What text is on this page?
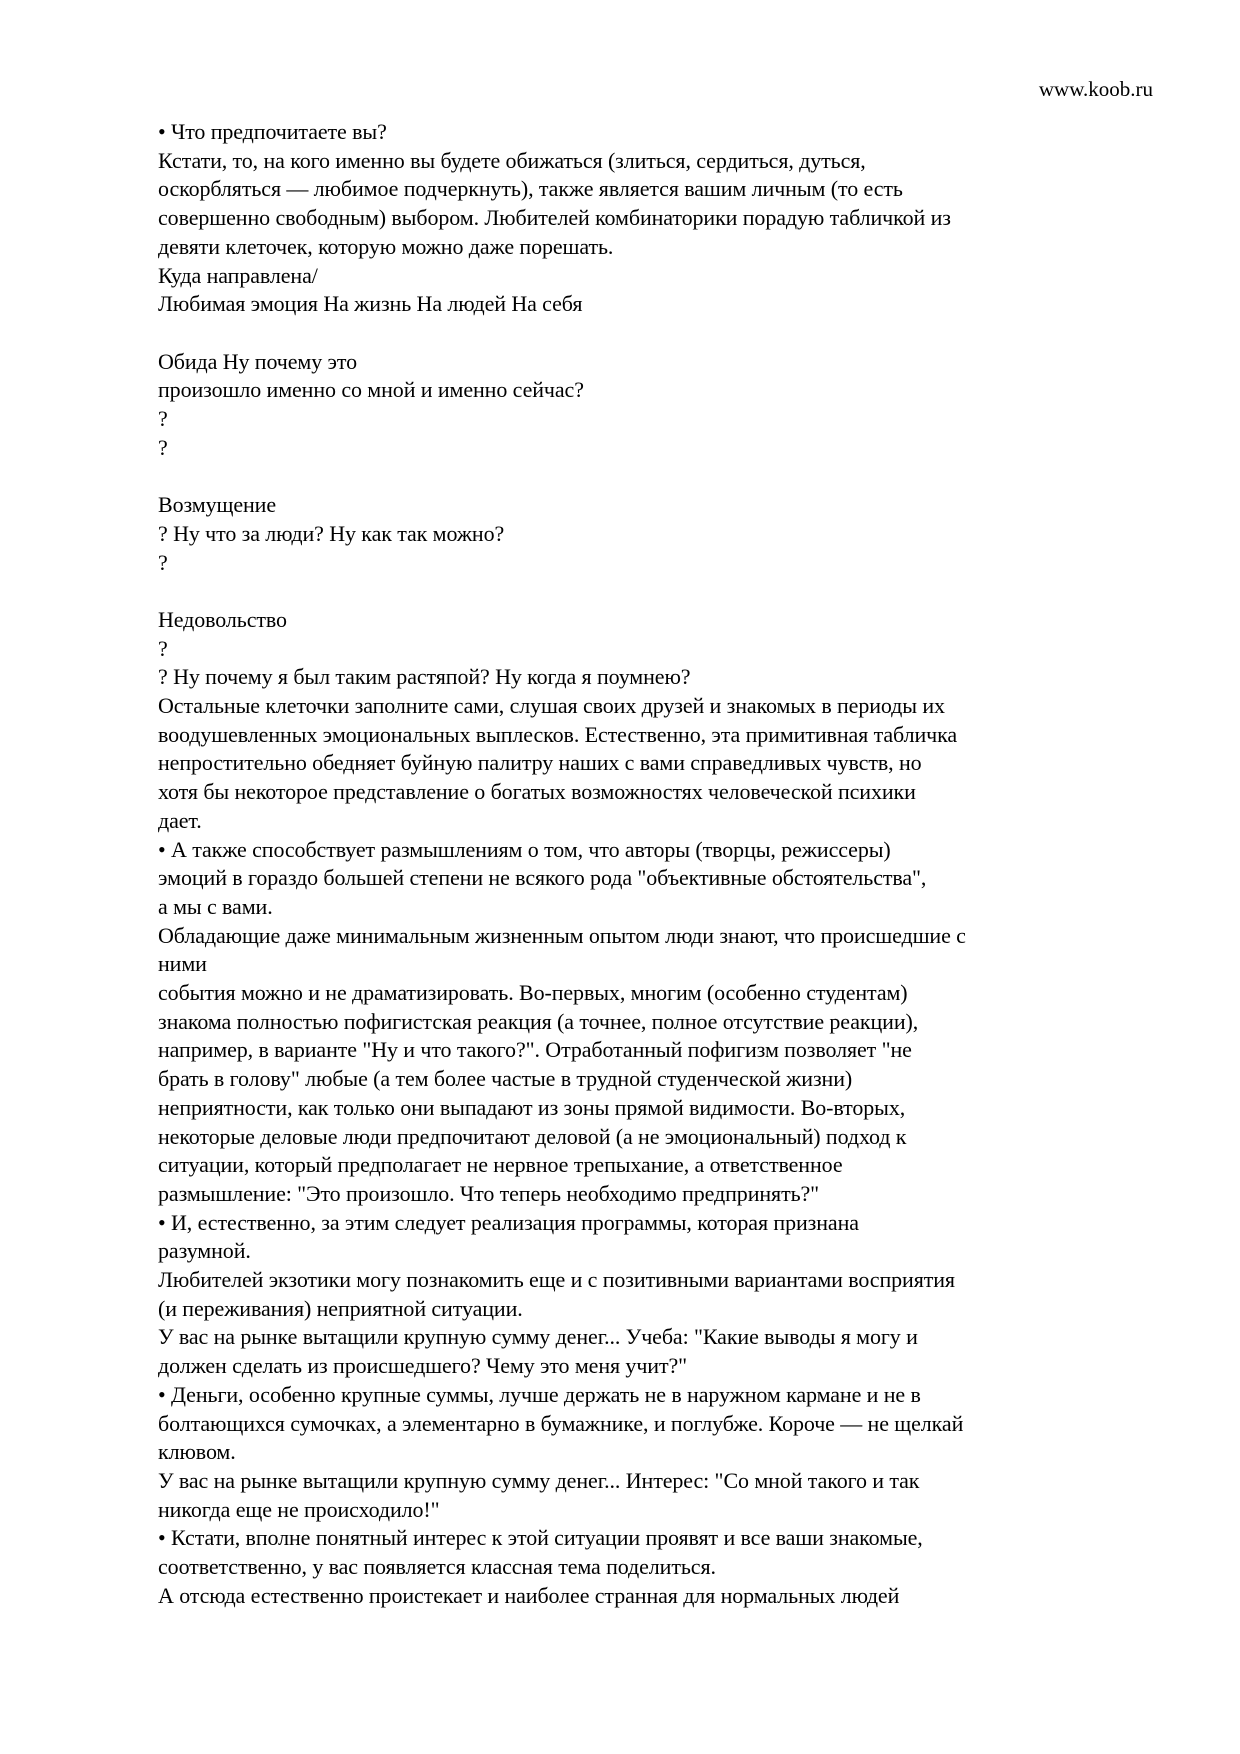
www.koob.ru
• Что предпочитаете вы?
Кстати, то, на кого именно вы будете обижаться (злиться, сердиться, дуться,
оскорбляться — любимое подчеркнуть), также является вашим личным (то есть
совершенно свободным) выбором. Любителей комбинаторики порадую табличкой из
девяти клеточек, которую можно даже порешать.
Куда направлена/
Любимая эмоция На жизнь На людей На себя
Обида Ну почему это
произошло именно со мной и именно сейчас?
?
?
Возмущение
? Ну что за люди? Ну как так можно?
?
Недовольство
?
? Ну почему я был таким растяпой? Ну когда я поумнею?
Остальные клеточки заполните сами, слушая своих друзей и знакомых в периоды их
воодушевленных эмоциональных выплесков. Естественно, эта примитивная табличка
непростительно обедняет буйную палитру наших с вами справедливых чувств, но
хотя бы некоторое представление о богатых возможностях человеческой психики
дает.
• А также способствует размышлениям о том, что авторы (творцы, режиссеры)
эмоций в гораздо большей степени не всякого рода "объективные обстоятельства",
а мы с вами.
Обладающие даже минимальным жизненным опытом люди знают, что происшедшие с
ними
события можно и не драматизировать. Во-первых, многим (особенно студентам)
знакома полностью пофигистская реакция (а точнее, полное отсутствие реакции),
например, в варианте "Ну и что такого?". Отработанный пофигизм позволяет "не
брать в голову" любые (а тем более частые в трудной студенческой жизни)
неприятности, как только они выпадают из зоны прямой видимости. Во-вторых,
некоторые деловые люди предпочитают деловой (а не эмоциональный) подход к
ситуации, который предполагает не нервное трепыхание, а ответственное
размышление: "Это произошло. Что теперь необходимо предпринять?"
• И, естественно, за этим следует реализация программы, которая признана
разумной.
Любителей экзотики могу познакомить еще и с позитивными вариантами восприятия
(и переживания) неприятной ситуации.
У вас на рынке вытащили крупную сумму денег... Учеба: "Какие выводы я могу и
должен сделать из происшедшего? Чему это меня учит?"
• Деньги, особенно крупные суммы, лучше держать не в наружном кармане и не в
болтающихся сумочках, а элементарно в бумажнике, и поглубже. Короче — не щелкай
клювом.
У вас на рынке вытащили крупную сумму денег... Интерес: "Со мной такого и так
никогда еще не происходило!"
• Кстати, вполне понятный интерес к этой ситуации проявят и все ваши знакомые,
соответственно, у вас появляется классная тема поделиться.
А отсюда естественно проистекает и наиболее странная для нормальных людей
